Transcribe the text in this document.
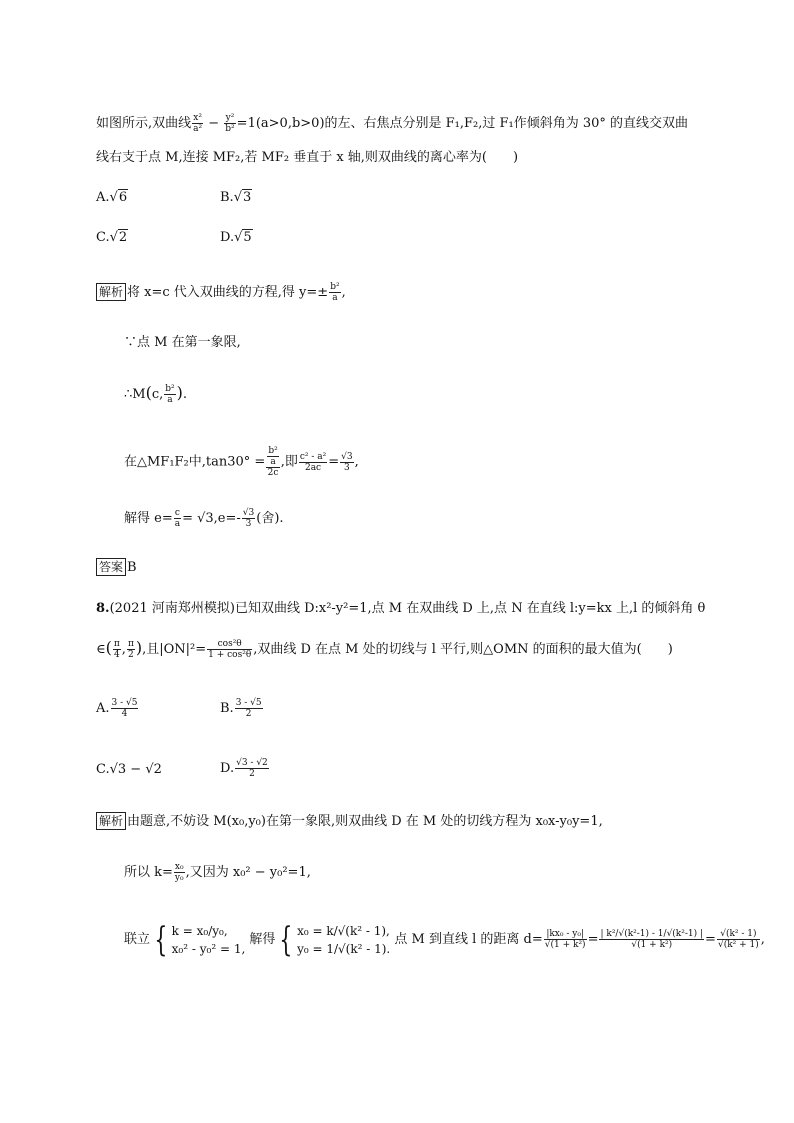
如图所示,双曲线 $\frac{\text{x²}}{\text{a²}} - \frac{\text{y²}}{\text{b²}} =1(a>0,b>0)$的左、右焦点分别是 F₁,F₂,过 F₁作倾斜角为 30° 的直线交双曲
线右支于点 M,连接 MF₂,若 MF₂ 垂直于 x 轴,则双曲线的离心率为(　　)
A.√6	B.√3
C.√2	D.√5
解析 将 x=c 代入双曲线的方程,得 $y=\pm \frac{\text{b²}}{a}$ ,
∵点 M 在第一象限,
∴M(c, $\frac{\text{b²}}{a}$ ).
在△MF₁F₂中$,\tan 30^\circ = \frac{\frac{\text{b²}}{a}}{2c}$ ,即 $\frac{\text{c² - a²}}{2ac} = \frac{√3}{3}$ ,
解得 $e= \frac{c}{a} = √3,e=- \frac{√3}{3}$ (舍).
答案 B
8.(2021 河南郑州模拟)已知双曲线 D:x²-y²=1,点 M 在双曲线 D 上,点 N 在直线 l:y=kx 上,l 的倾斜角 θ
∈( $\frac{\pi}{4}$ , $\frac{\pi}{2}$ ),且$|ON|^2= \frac{\text{cos²θ}}{\text{1 + cos²θ}}$ ,双曲线 D 在点 M 处的切线与 l 平行,则△OMN 的面积的最大值为(　　)
A. $\frac{3 - √5}{4}$	B. $\frac{3 - √5}{2}$
C.√3 − √2	D. $\frac{√3 - √2}{2}$
解析 由题意,不妨设 M(x₀,y₀)在第一象限,则双曲线 D 在 M 处的切线方程为 x₀x-y₀y=1,
所以 $k= \frac{\text{x₀}}{\text{y₀}}$ ,又因为 x₀² − y₀²=1,
联立 { k = x₀/y₀,
x₀² - y₀² = 1,
解得 { x₀ = k/√(k² - 1),
y₀ = 1/√(k² - 1).
点 M 到直线 l 的距离 $d= \frac{\text{|kx₀ - y₀|}}{\text{√(1 + k²)}} = \frac{\text{| k²/√(k²-1) - 1/√(k²-1) |}}{\text{√(1 + k²)}} = \frac{\text{√(k² - 1)}}{\text{√(k² + 1)}}$ ,
